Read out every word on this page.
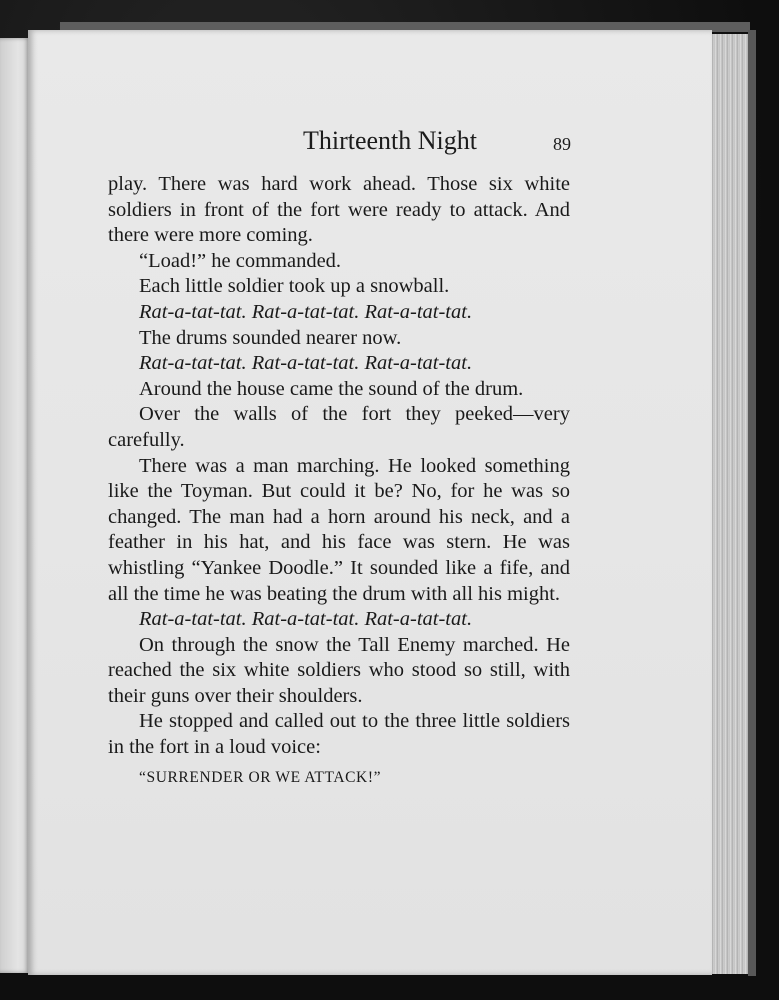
Thirteenth Night	89

play. There was hard work ahead. Those six white soldiers in front of the fort were ready to attack. And there were more coming.

“Load!” he commanded.

Each little soldier took up a snowball.

Rat-a-tat-tat. Rat-a-tat-tat. Rat-a-tat-tat.

The drums sounded nearer now.

Rat-a-tat-tat. Rat-a-tat-tat. Rat-a-tat-tat.

Around the house came the sound of the drum.

Over the walls of the fort they peeked—very carefully.

There was a man marching. He looked something like the Toyman. But could it be? No, for he was so changed. The man had a horn around his neck, and a feather in his hat, and his face was stern. He was whistling “Yankee Doodle.” It sounded like a fife, and all the time he was beating the drum with all his might.

Rat-a-tat-tat. Rat-a-tat-tat. Rat-a-tat-tat.

On through the snow the Tall Enemy marched. He reached the six white soldiers who stood so still, with their guns over their shoulders.

He stopped and called out to the three little soldiers in the fort in a loud voice:

“SURRENDER OR WE ATTACK!”
